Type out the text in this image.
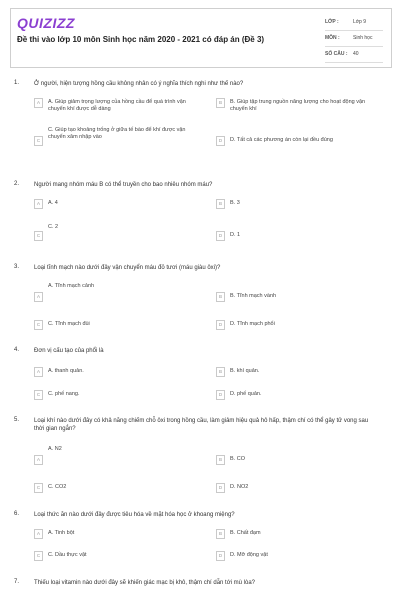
QUIZIZZ
Đề thi vào lớp 10 môn Sinh học năm 2020 - 2021 có đáp án (Đề 3)
LỚP :	Lớp 9
MÔN :	Sinh học
SỐ CÂU : 40
1. Ở người, hiện tượng hồng cầu không nhân có ý nghĩa thích nghi như thế nào?
A	A. Giúp giảm trọng lượng của hồng cầu để quá trình vận chuyển khí được dễ dàng
B	B. Giúp tập trung nguồn năng lượng cho hoạt động vận chuyển khí
C
C. Giúp tạo khoảng trống ở giữa tế bào để khí được vận chuyển xâm nhập vào
D	D. Tất cả các phương án còn lại đều đúng
2. Người mang nhóm máu B có thể truyền cho bao nhiêu nhóm máu?
A	A. 4	B	B. 3
C
C. 2
D	D. 1
3. Loại tĩnh mạch nào dưới đây vận chuyển máu đỏ tươi (máu giàu ôxi)?
A
A. Tĩnh mạch cảnh
B	B. Tĩnh mạch vành
C	C. Tĩnh mạch đùi	D	D. Tĩnh mạch phổi
4. Đơn vị cấu tạo của phổi là
A	A. thanh quản.	B	B. khí quản.
C	C. phế nang.	D	D. phế quản.
5. Loại khí nào dưới đây có khả năng chiếm chỗ ôxi trong hồng cầu, làm giảm hiệu quả hô hấp, thậm chí có thể gây tử vong sau thời gian ngắn?
A
A. N2
B	B. CO
C	C. CO2	D	D. NO2
6. Loại thức ăn nào dưới đây được tiêu hóa về mặt hóa học ở khoang miệng?
A	A. Tinh bột	B	B. Chất đạm
C	C. Dầu thực vật	D	D. Mỡ động vật
7. Thiếu loại vitamin nào dưới đây sẽ khiến giác mạc bị khô, thậm chí dẫn tới mù lòa?
